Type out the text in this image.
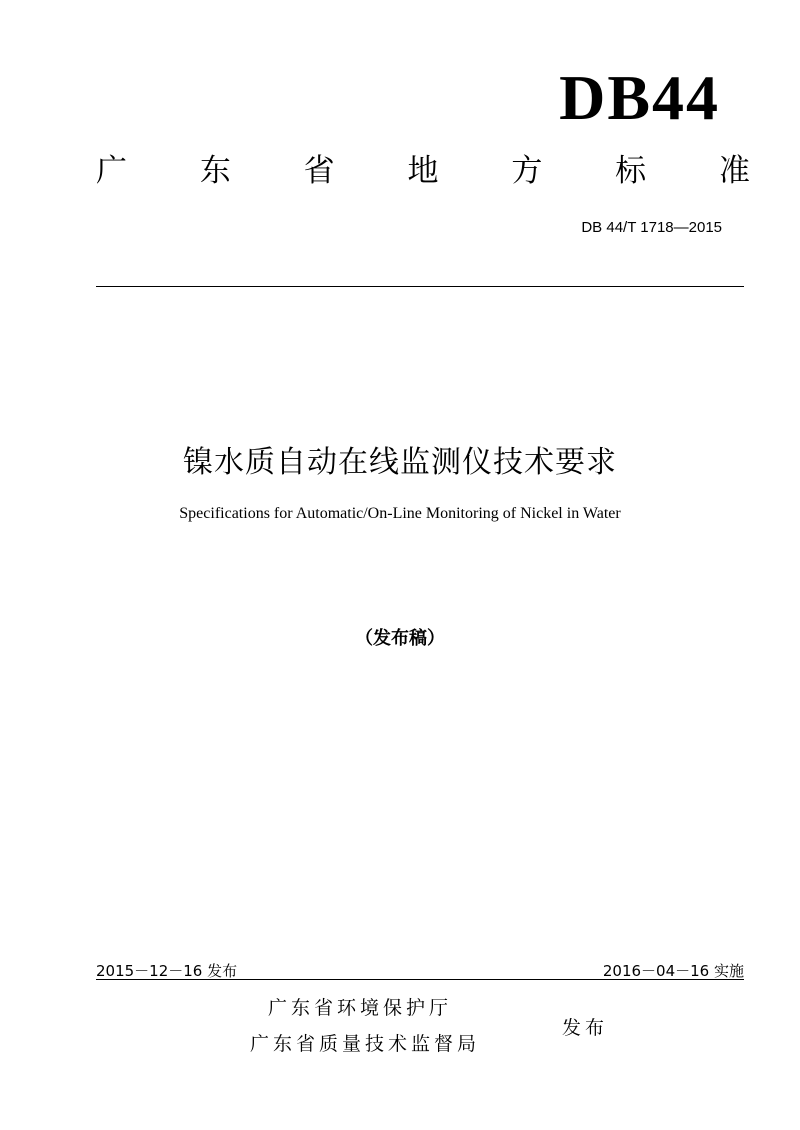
DB44
广 东 省 地 方 标 准
DB 44/T 1718—2015
镍水质自动在线监测仪技术要求
Specifications for Automatic/On-Line Monitoring of Nickel in Water
（发布稿）
2015－12－16 发布	2016－04－16 实施
广东省环境保护厅
广东省质量技术监督局
发布
